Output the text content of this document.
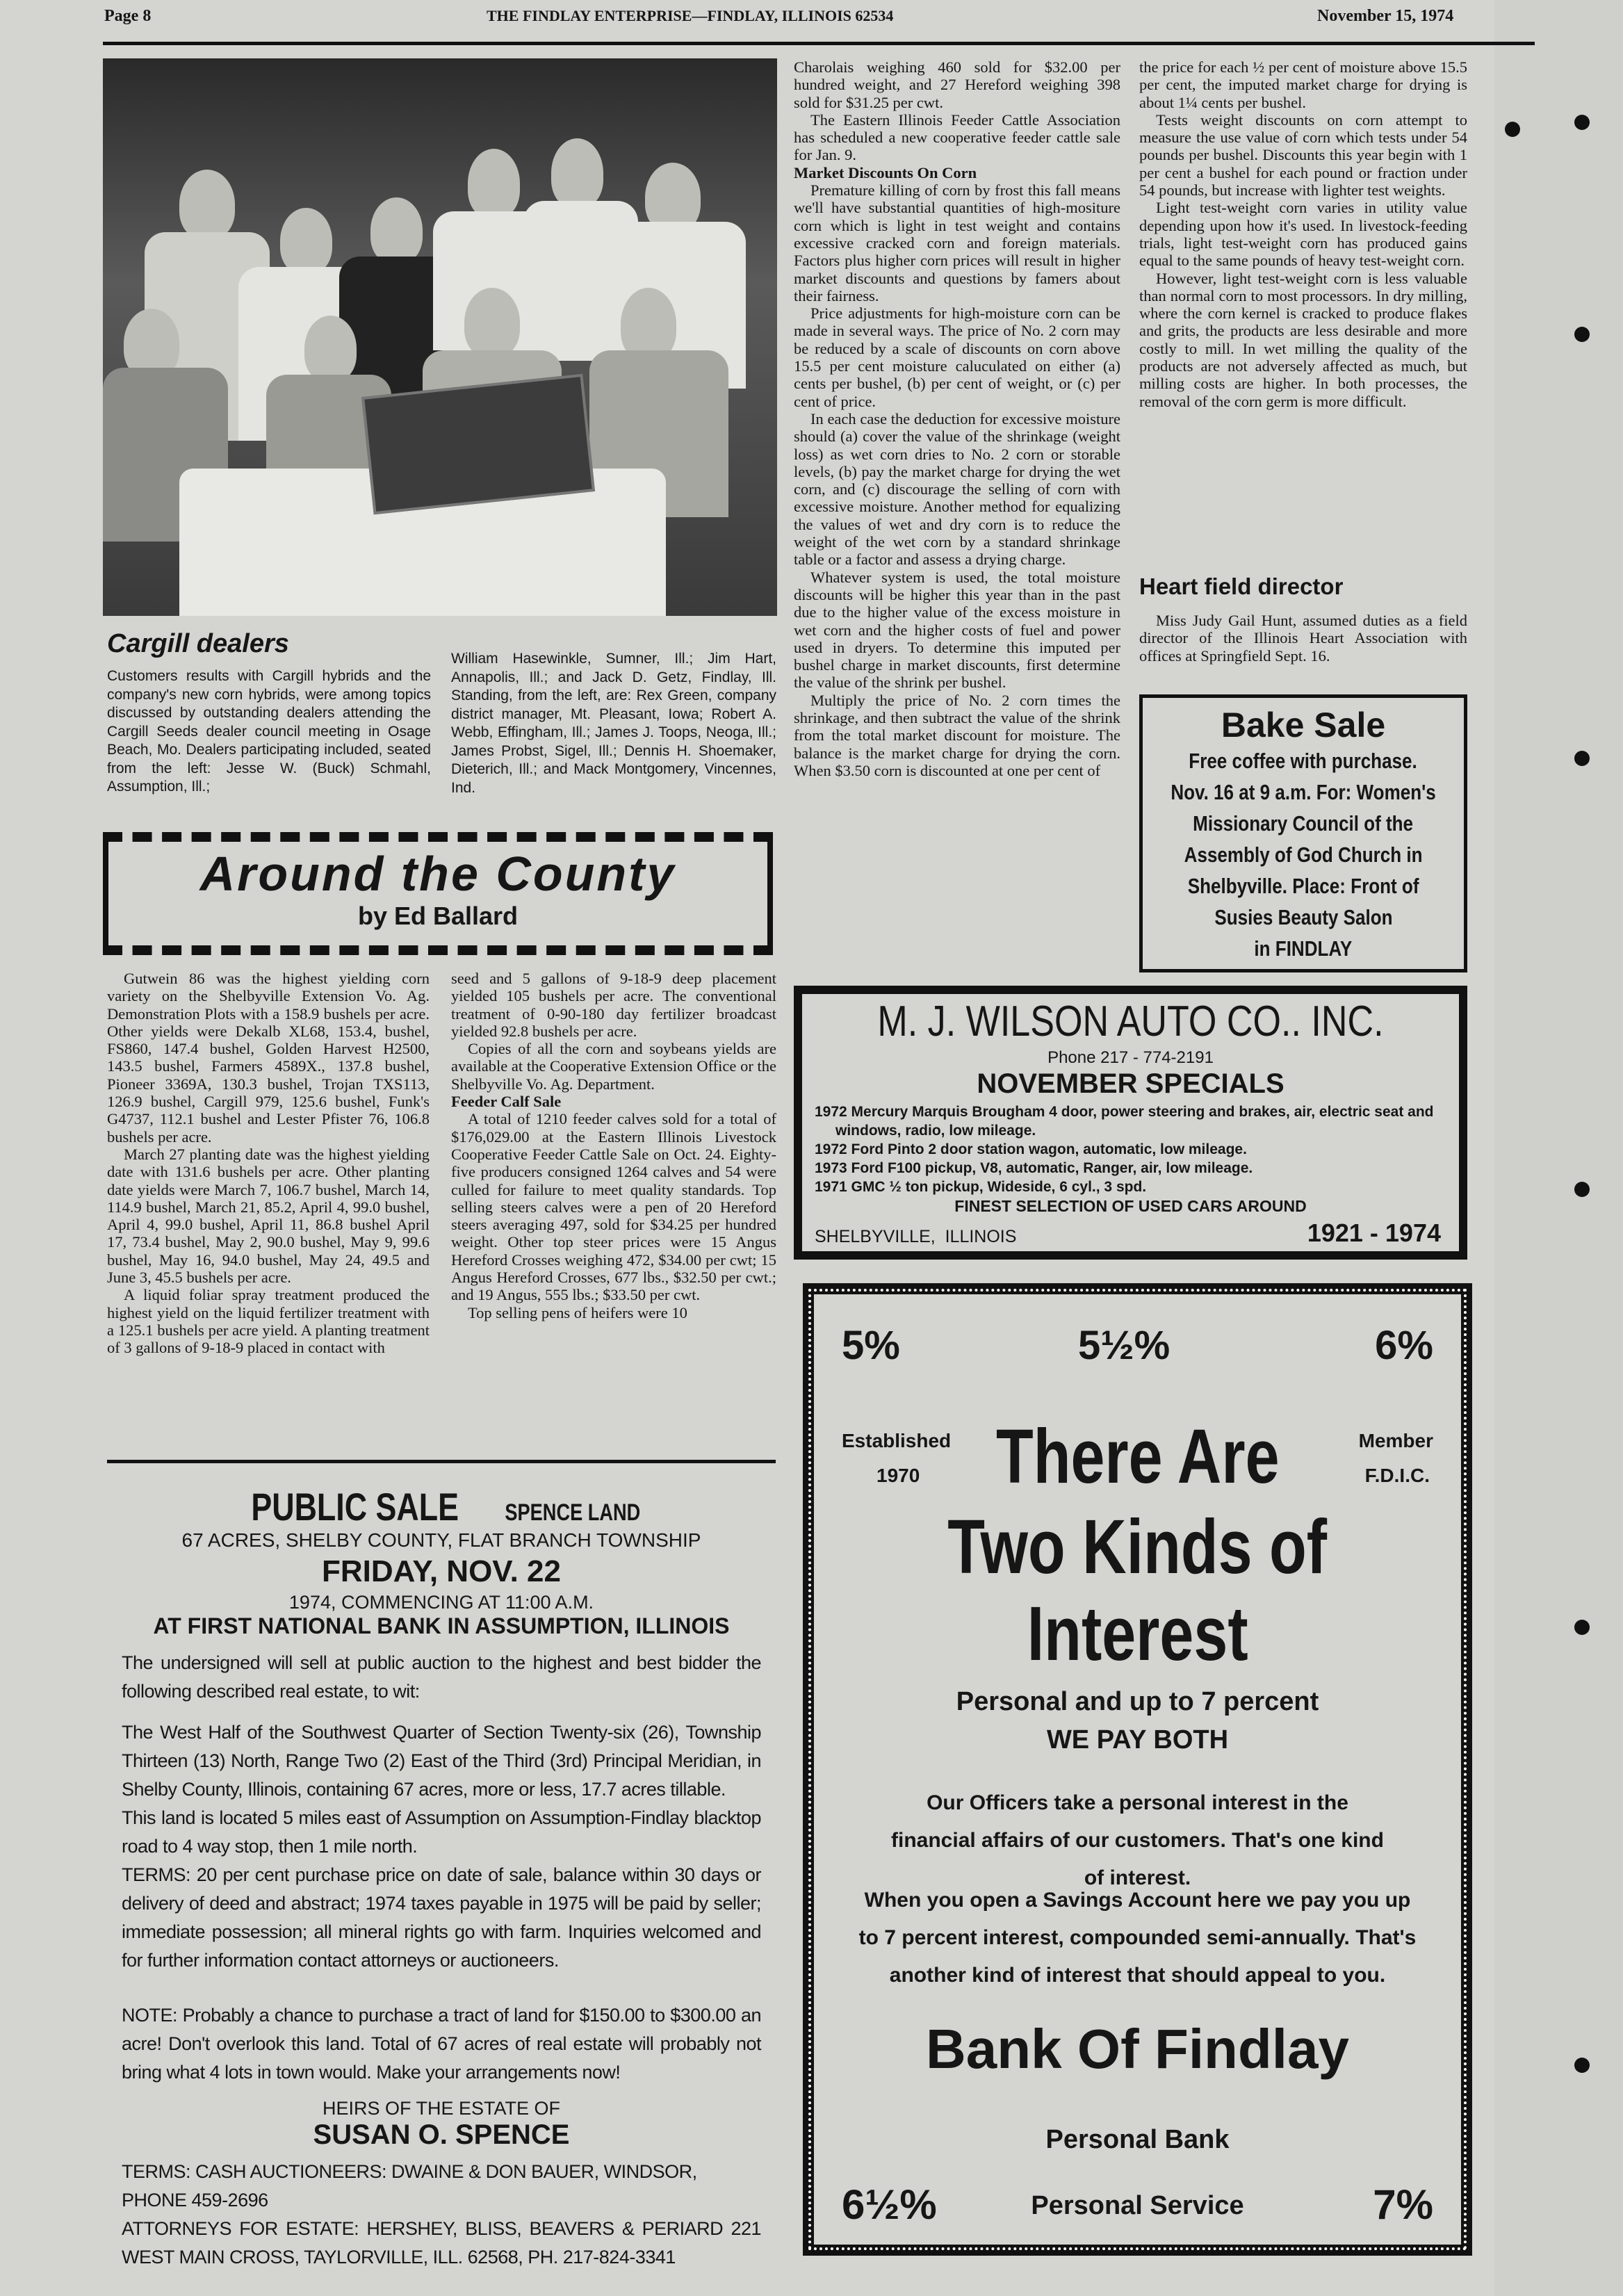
Page 8	THE FINDLAY ENTERPRISE—FINDLAY, ILLINOIS 62534	November 15, 1974
Cargill dealers
Customers results with Cargill hybrids and the company's new corn hybrids, were among topics discussed by outstanding dealers attending the Cargill Seeds dealer council meeting in Osage Beach, Mo. Dealers participating included, seated from the left: Jesse W. (Buck) Schmahl, Assumption, Ill.;
William Hasewinkle, Sumner, Ill.; Jim Hart, Annapolis, Ill.; and Jack D. Getz, Findlay, Ill. Standing, from the left, are: Rex Green, company district manager, Mt. Pleasant, Iowa; Robert A. Webb, Effingham, Ill.; James J. Toops, Neoga, Ill.; James Probst, Sigel, Ill.; Dennis H. Shoemaker, Dieterich, Ill.; and Mack Montgomery, Vincennes, Ind.
Around the County
by Ed Ballard

Gutwein 86 was the highest yielding corn variety on the Shelbyville Extension Vo. Ag. Demonstration Plots with a 158.9 bushels per acre. Other yields were Dekalb XL68, 153.4, bushel, FS860, 147.4 bushel, Golden Harvest H2500, 143.5 bushel, Farmers 4589X., 137.8 bushel, Pioneer 3369A, 130.3 bushel, Trojan TXS113, 126.9 bushel, Cargill 979, 125.6 bushel, Funk's G4737, 112.1 bushel and Lester Pfister 76, 106.8 bushels per acre.

March 27 planting date was the highest yielding date with 131.6 bushels per acre. Other planting date yields were March 7, 106.7 bushel, March 14, 114.9 bushel, March 21, 85.2, April 4, 99.0 bushel, April 4, 99.0 bushel, April 11, 86.8 bushel April 17, 73.4 bushel, May 2, 90.0 bushel, May 9, 99.6 bushel, May 16, 94.0 bushel, May 24, 49.5 and June 3, 45.5 bushels per acre.

A liquid foliar spray treatment produced the highest yield on the liquid fertilizer treatment with a 125.1 bushels per acre yield. A planting treatment of 3 gallons of 9-18-9 placed in contact with

seed and 5 gallons of 9-18-9 deep placement yielded 105 bushels per acre. The conventional treatment of 0-90-180 day fertilizer broadcast yielded 92.8 bushels per acre.

Copies of all the corn and soybeans yields are available at the Cooperative Extension Office or the Shelbyville Vo. Ag. Department.

Feeder Calf Sale

A total of 1210 feeder calves sold for a total of $176,029.00 at the Eastern Illinois Livestock Cooperative Feeder Cattle Sale on Oct. 24. Eighty-five producers consigned 1264 calves and 54 were culled for failure to meet quality standards. Top selling steers calves were a pen of 20 Hereford steers averaging 497, sold for $34.25 per hundred weight. Other top steer prices were 15 Angus Hereford Crosses weighing 472, $34.00 per cwt; 15 Angus Hereford Crosses, 677 lbs., $32.50 per cwt.; and 19 Angus, 555 lbs.; $33.50 per cwt.

Top selling pens of heifers were 10

Charolais weighing 460 sold for $32.00 per hundred weight, and 27 Hereford weighing 398 sold for $31.25 per cwt.

The Eastern Illinois Feeder Cattle Association has scheduled a new cooperative feeder cattle sale for Jan. 9.

Market Discounts On Corn

Premature killing of corn by frost this fall means we'll have substantial quantities of high-mositure corn which is light in test weight and contains excessive cracked corn and foreign materials. Factors plus higher corn prices will result in higher market discounts and questions by famers about their fairness.

Price adjustments for high-moisture corn can be made in several ways. The price of No. 2 corn may be reduced by a scale of discounts on corn above 15.5 per cent moisture caluculated on either (a) cents per bushel, (b) per cent of weight, or (c) per cent of price.

In each case the deduction for excessive moisture should (a) cover the value of the shrinkage (weight loss) as wet corn dries to No. 2 corn or storable levels, (b) pay the market charge for drying the wet corn, and (c) discourage the selling of corn with excessive moisture. Another method for equalizing the values of wet and dry corn is to reduce the weight of the wet corn by a standard shrinkage table or a factor and assess a drying charge.

Whatever system is used, the total moisture discounts will be higher this year than in the past due to the higher value of the excess moisture in wet corn and the higher costs of fuel and power used in dryers. To determine this imputed per bushel charge in market discounts, first determine the value of the shrink per bushel.

Multiply the price of No. 2 corn times the shrinkage, and then subtract the value of the shrink from the total market discount for moisture. The balance is the market charge for drying the corn. When $3.50 corn is discounted at one per cent of

the price for each ½ per cent of moisture above 15.5 per cent, the imputed market charge for drying is about 1¼ cents per bushel.

Tests weight discounts on corn attempt to measure the use value of corn which tests under 54 pounds per bushel. Discounts this year begin with 1 per cent a bushel for each pound or fraction under 54 pounds, but increase with lighter test weights.

Light test-weight corn varies in utility value depending upon how it's used. In livestock-feeding trials, light test-weight corn has produced gains equal to the same pounds of heavy test-weight corn.

However, light test-weight corn is less valuable than normal corn to most processors. In dry milling, where the corn kernel is cracked to produce flakes and grits, the products are less desirable and more costly to mill. In wet milling the quality of the products are not adversely affected as much, but milling costs are higher. In both processes, the removal of the corn germ is more difficult.

Heart field director

Miss Judy Gail Hunt, assumed duties as a field director of the Illinois Heart Association with offices at Springfield Sept. 16.

Bake Sale
Free coffee with purchase.
Nov. 16 at 9 a.m. For: Women's
Missionary Council of the
Assembly of God Church in
Shelbyville. Place: Front of
Susies Beauty Salon
in FINDLAY
M. J. WILSON AUTO CO.. INC.
Phone 217 - 774-2191
NOVEMBER SPECIALS
1972 Mercury Marquis Brougham 4 door, power steering and brakes, air, electric seat and windows, radio, low mileage.
1972 Ford Pinto 2 door station wagon, automatic, low mileage.
1973 Ford F100 pickup, V8, automatic, Ranger, air, low mileage.
1971 GMC ½ ton pickup, Wideside, 6 cyl., 3 spd.
FINEST SELECTION OF USED CARS AROUND
SHELBYVILLE,  ILLINOIS	1921 - 1974
PUBLIC SALE SPENCE LAND
67 ACRES, SHELBY COUNTY, FLAT BRANCH TOWNSHIP
FRIDAY, NOV. 22
1974, COMMENCING AT 11:00 A.M.
AT FIRST NATIONAL BANK IN ASSUMPTION, ILLINOIS
The undersigned will sell at public auction to the highest and best bidder the following described real estate, to wit:
The West Half of the Southwest Quarter of Section Twenty-six (26), Township Thirteen (13) North, Range Two (2) East of the Third (3rd) Principal Meridian, in Shelby County, Illinois, containing 67 acres, more or less, 17.7 acres tillable.
This land is located 5 miles east of Assumption on Assumption-Findlay blacktop road to 4 way stop, then 1 mile north.
TERMS: 20 per cent purchase price on date of sale, balance within 30 days or delivery of deed and abstract; 1974 taxes payable in 1975 will be paid by seller; immediate possession; all mineral rights go with farm. Inquiries welcomed and for further information contact attorneys or auctioneers.
NOTE: Probably a chance to purchase a tract of land for $150.00 to $300.00 an acre! Don't overlook this land. Total of 67 acres of real estate will probably not bring what 4 lots in town would. Make your arrangements now!
HEIRS OF THE ESTATE OF
SUSAN O. SPENCE
TERMS: CASH AUCTIONEERS: DWAINE & DON BAUER, WINDSOR, PHONE 459-2696
ATTORNEYS FOR ESTATE: HERSHEY, BLISS, BEAVERS & PERIARD 221 WEST MAIN CROSS, TAYLORVILLE, ILL. 62568, PH. 217-824-3341
5%	5½%	6%
Established
1970
Member
F.D.I.C.
There Are
Two Kinds of
Interest
Personal and up to 7 percent
WE PAY BOTH
Our Officers take a personal interest in the financial affairs of our customers. That's one kind of interest.
When you open a Savings Account here we pay you up to 7 percent interest, compounded semi-annually. That's another kind of interest that should appeal to you.
Bank Of Findlay
Personal Bank
6½%	Personal Service	7%
